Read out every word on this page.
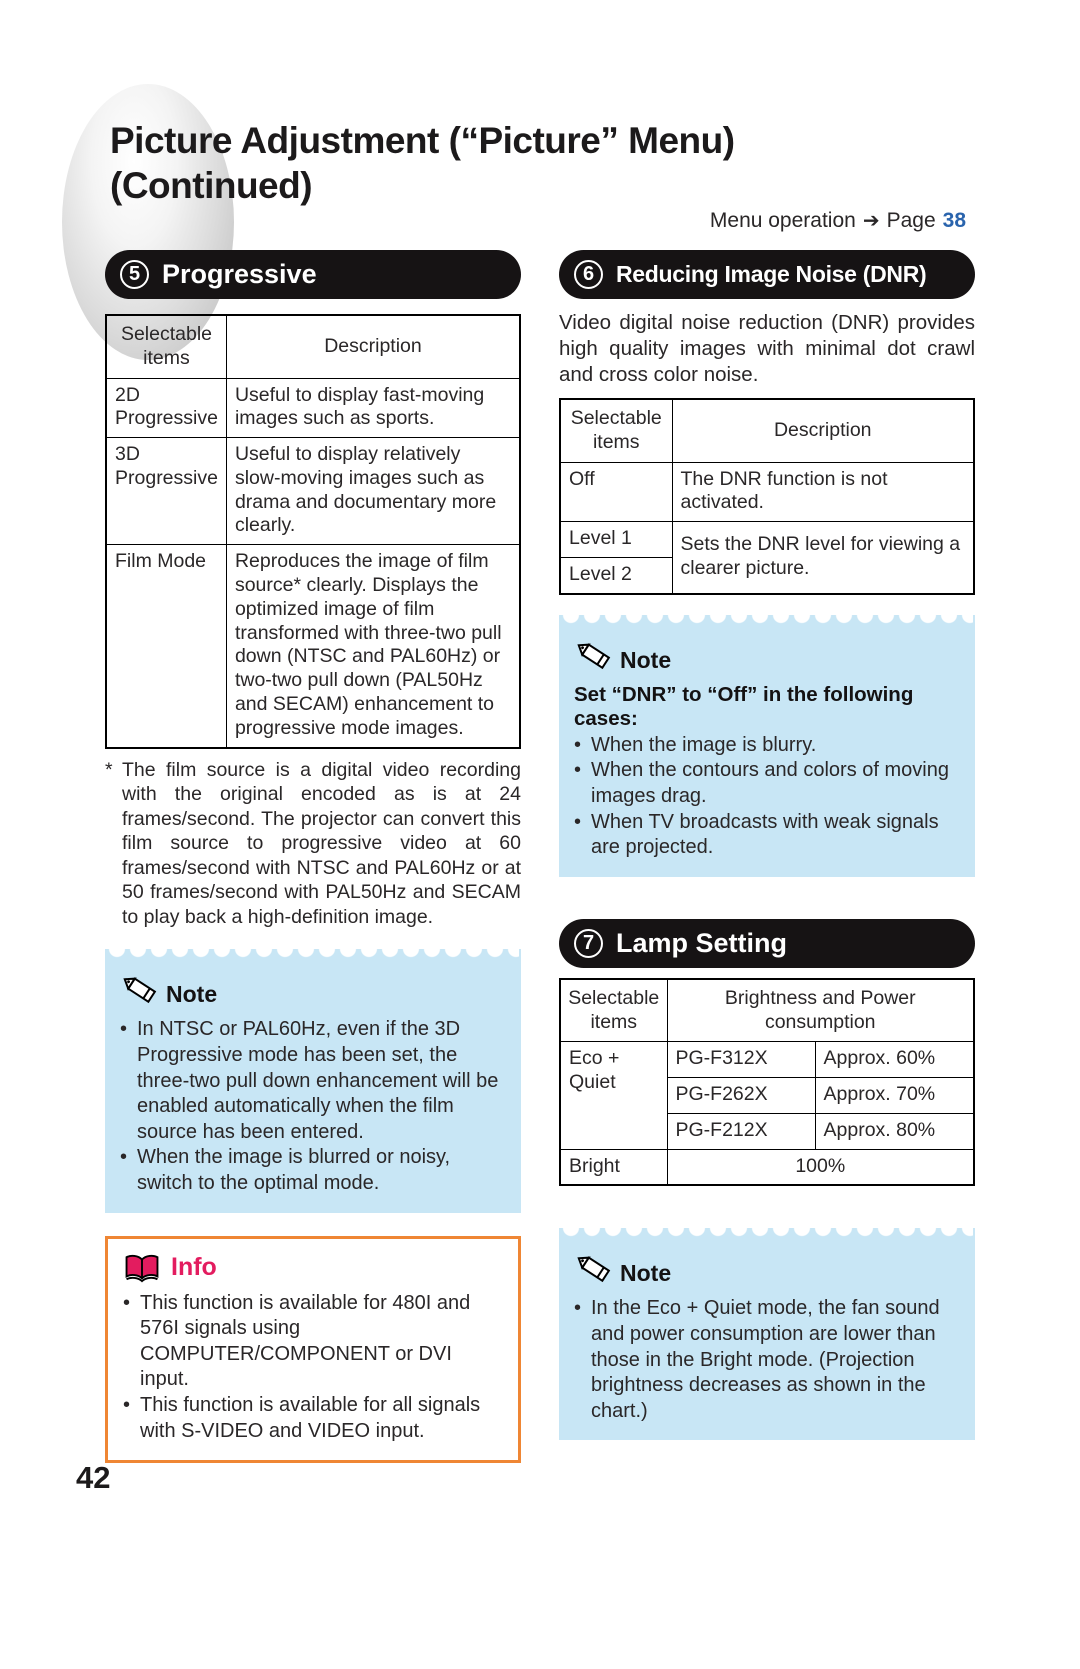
Picture Adjustment (“Picture” Menu)
(Continued)
Menu operation ➔ Page 38
5 Progressive
Selectable items	Description
2D Progressive	Useful to display fast-moving images such as sports.
3D Progressive	Useful to display relatively slow-moving images such as drama and documentary more clearly.
Film Mode	Reproduces the image of film source* clearly. Displays the optimized image of film transformed with three-two pull down (NTSC and PAL60Hz) or two-two pull down (PAL50Hz and SECAM) enhancement to progressive mode images.
* The film source is a digital video recording with the original encoded as is at 24 frames/second. The projector can convert this film source to progressive video at 60 frames/second with NTSC and PAL60Hz or at 50 frames/second with PAL50Hz and SECAM to play back a high-definition image.
Note
• In NTSC or PAL60Hz, even if the 3D Progressive mode has been set, the three-two pull down enhancement will be enabled automatically when the film source has been entered.
• When the image is blurred or noisy, switch to the optimal mode.
Info
• This function is available for 480I and 576I signals using COMPUTER/COMPONENT or DVI input.
• This function is available for all signals with S-VIDEO and VIDEO input.
6 Reducing Image Noise (DNR)

Video digital noise reduction (DNR) provides high quality images with minimal dot crawl and cross color noise.

Selectable items	Description
Off	The DNR function is not activated.
Level 1	Sets the DNR level for viewing a clearer picture.
Level 2	
Note
Set “DNR” to “Off” in the following cases:
• When the image is blurry.
• When the contours and colors of moving images drag.
• When TV broadcasts with weak signals are projected.
7 Lamp Setting
Selectable items	Brightness and Power consumption	
Eco + Quiet	PG-F312X	Approx. 60%
	PG-F262X	Approx. 70%
	PG-F212X	Approx. 80%
Bright	100%	
Note
• In the Eco + Quiet mode, the fan sound and power consumption are lower than those in the Bright mode. (Projection brightness decreases as shown in the chart.)
42
